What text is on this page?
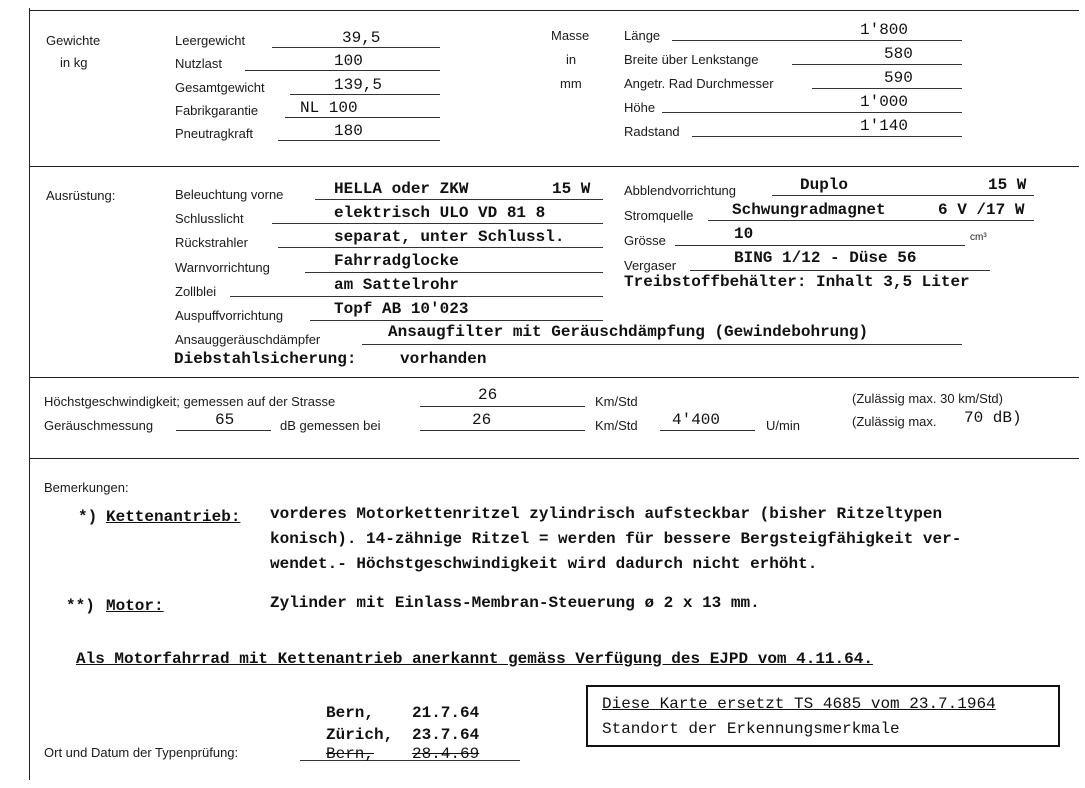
Gewichte
in kg
Leergewicht	39,5
Nutzlast	100
Gesamtgewicht	139,5
Fabrikgarantie	NL 100
Pneutragkraft	180
Masse
in
mm
Länge	1'800
Breite über Lenkstange	580
Angetr. Rad Durchmesser	590
Höhe	1'000
Radstand	1'140
Ausrüstung:	Beleuchtung vorne	HELLA oder ZKW	15 W
Schlusslicht	elektrisch ULO VD 81 8
Rückstrahler	separat, unter Schlussl.
Warnvorrichtung	Fahrradglocke
Zollblei	am Sattelrohr
Auspuffvorrichtung	Topf AB 10'023
Ansauggeräuschdämpfer	Ansaugfilter mit Geräuschdämpfung (Gewindebohrung)
Diebstahlsicherung:	vorhanden
Abblendvorrichtung	Duplo	15 W
Stromquelle Schwungradmagnet	6 V /17 W
Grösse	10	cm³
Vergaser	BING 1/12 - Düse 56
Treibstoffbehälter: Inhalt 3,5 Liter
Höchstgeschwindigkeit; gemessen auf der Strasse	26	Km/Std	(Zulässig max. 30 km/Std)
Geräuschmessung	65	dB gemessen bei	26	Km/Std 4'400	U/min	(Zulässig max. 70 dB)
Bemerkungen:
*) Kettenantrieb: vorderes Motorkettenritzel zylindrisch aufsteckbar (bisher Ritzeltypen
konisch). 14-zähnige Ritzel = werden für bessere Bergsteigfähigkeit ver-
wendet.- Höchstgeschwindigkeit wird dadurch nicht erhöht.
**) Motor:	Zylinder mit Einlass-Membran-Steuerung ø 2 x 13 mm.
Als Motorfahrrad mit Kettenantrieb anerkannt gemäss Verfügung des EJPD vom 4.11.64.
Bern, 21.7.64
Zürich, 23.7.64
Ort und Datum der Typenprüfung:	Bern, 28.4.69
Diese Karte ersetzt TS 4685 vom 23.7.1964
Standort der Erkennungsmerkmale
